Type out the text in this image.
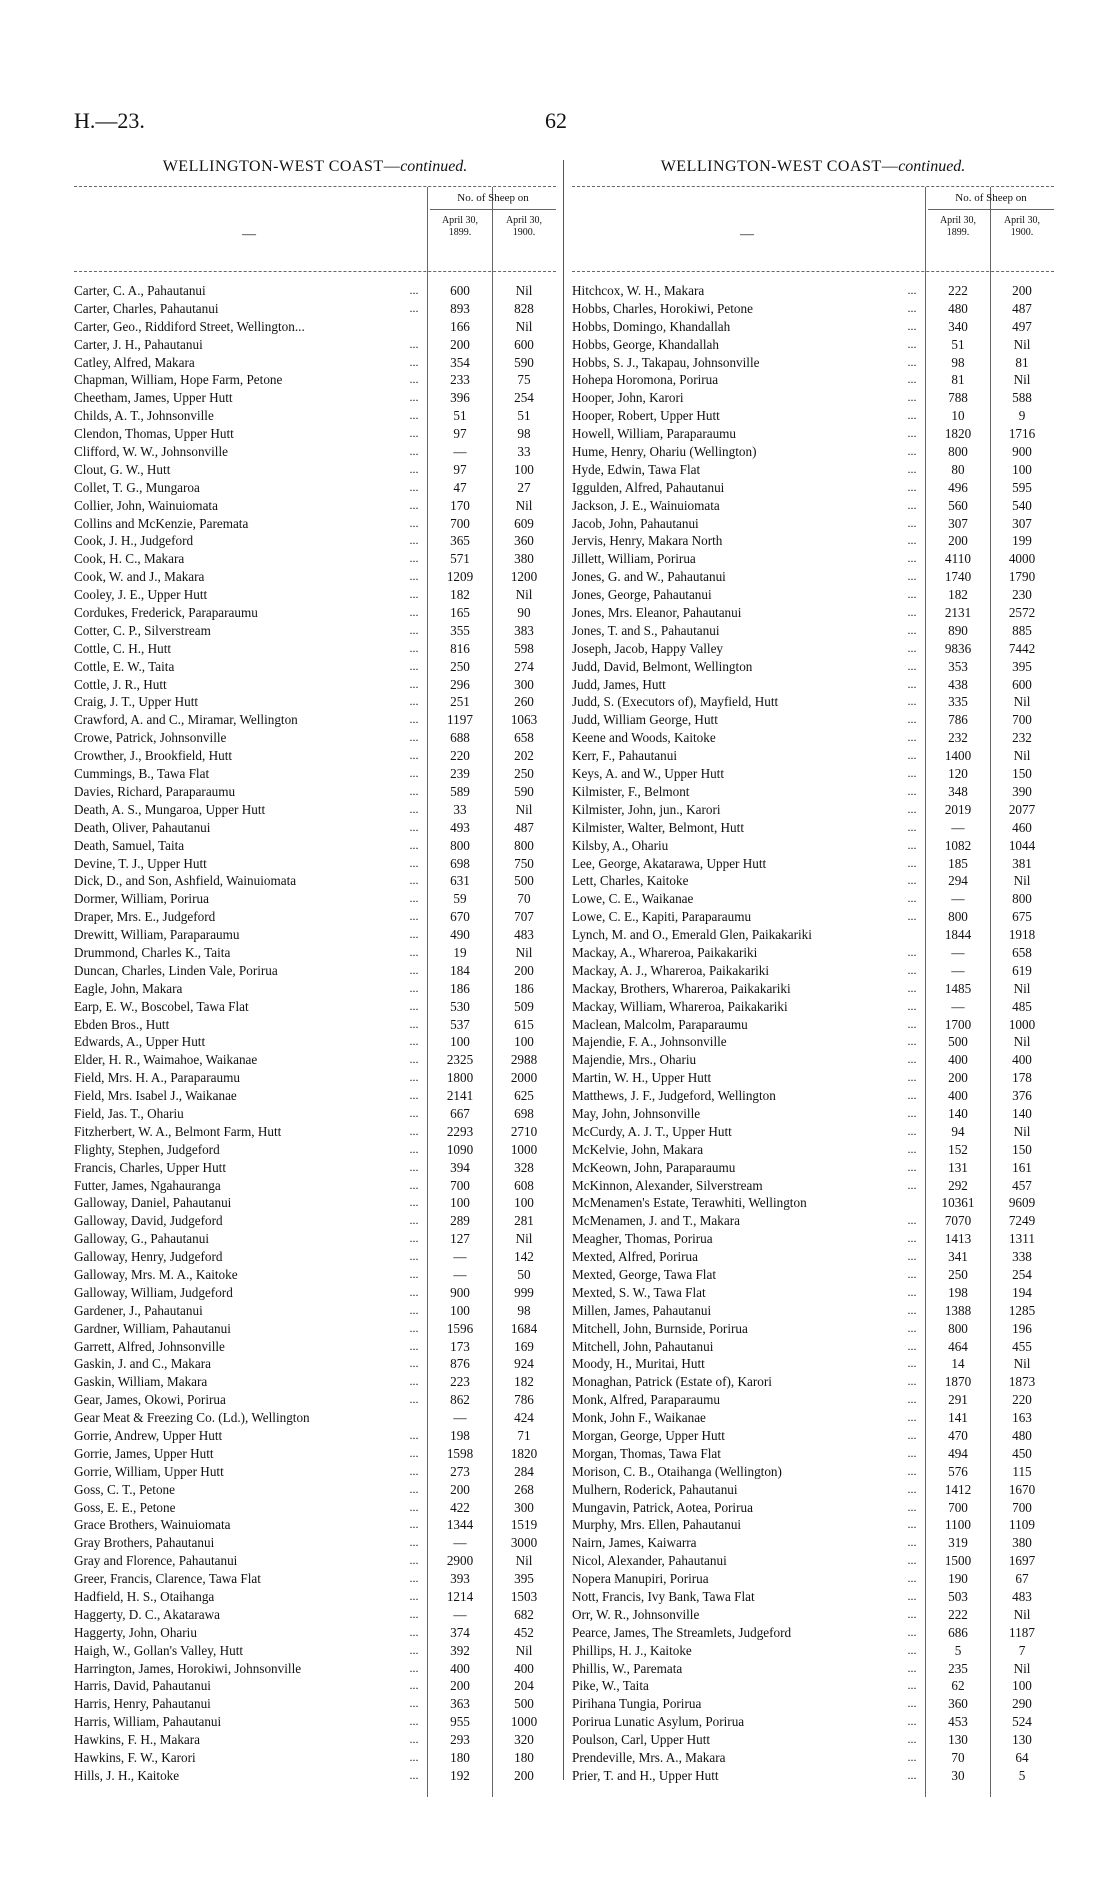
H.—23.	62
WELLINGTON-WEST COAST—continued.
—
No. of Sheep on
April 30, 1899.
April 30, 1900.
Carter, C. A., Pahautanui	...	600	Nil
Carter, Charles, Pahautanui	...	893	828
Carter, Geo., Riddiford Street, Wellington...	166	Nil
Carter, J. H., Pahautanui	...	200	600
Catley, Alfred, Makara	...	354	590
Chapman, William, Hope Farm, Petone	...	233	75
Cheetham, James, Upper Hutt	...	396	254
Childs, A. T., Johnsonville	...	51	51
Clendon, Thomas, Upper Hutt	...	97	98
Clifford, W. W., Johnsonville	...	—	33
Clout, G. W., Hutt	...	97	100
Collet, T. G., Mungaroa	...	47	27
Collier, John, Wainuiomata	...	170	Nil
Collins and McKenzie, Paremata	...	700	609
Cook, J. H., Judgeford	...	365	360
Cook, H. C., Makara	...	571	380
Cook, W. and J., Makara	...	1209	1200
Cooley, J. E., Upper Hutt	...	182	Nil
Cordukes, Frederick, Paraparaumu	...	165	90
Cotter, C. P., Silverstream	...	355	383
Cottle, C. H., Hutt	...	816	598
Cottle, E. W., Taita	...	250	274
Cottle, J. R., Hutt	...	296	300
Craig, J. T., Upper Hutt	...	251	260
Crawford, A. and C., Miramar, Wellington	...	1197	1063
Crowe, Patrick, Johnsonville	...	688	658
Crowther, J., Brookfield, Hutt	...	220	202
Cummings, B., Tawa Flat	...	239	250
Davies, Richard, Paraparaumu	...	589	590
Death, A. S., Mungaroa, Upper Hutt	...	33	Nil
Death, Oliver, Pahautanui	...	493	487
Death, Samuel, Taita	...	800	800
Devine, T. J., Upper Hutt	...	698	750
Dick, D., and Son, Ashfield, Wainuiomata	...	631	500
Dormer, William, Porirua	...	59	70
Draper, Mrs. E., Judgeford	...	670	707
Drewitt, William, Paraparaumu	...	490	483
Drummond, Charles K., Taita	...	19	Nil
Duncan, Charles, Linden Vale, Porirua	...	184	200
Eagle, John, Makara	...	186	186
Earp, E. W., Boscobel, Tawa Flat	...	530	509
Ebden Bros., Hutt	...	537	615
Edwards, A., Upper Hutt	...	100	100
Elder, H. R., Waimahoe, Waikanae	...	2325	2988
Field, Mrs. H. A., Paraparaumu	...	1800	2000
Field, Mrs. Isabel J., Waikanae	...	2141	625
Field, Jas. T., Ohariu	...	667	698
Fitzherbert, W. A., Belmont Farm, Hutt	...	2293	2710
Flighty, Stephen, Judgeford	...	1090	1000
Francis, Charles, Upper Hutt	...	394	328
Futter, James, Ngahauranga	...	700	608
Galloway, Daniel, Pahautanui	...	100	100
Galloway, David, Judgeford	...	289	281
Galloway, G., Pahautanui	...	127	Nil
Galloway, Henry, Judgeford	...	—	142
Galloway, Mrs. M. A., Kaitoke	...	—	50
Galloway, William, Judgeford	...	900	999
Gardener, J., Pahautanui	...	100	98
Gardner, William, Pahautanui	...	1596	1684
Garrett, Alfred, Johnsonville	...	173	169
Gaskin, J. and C., Makara	...	876	924
Gaskin, William, Makara	...	223	182
Gear, James, Okowi, Porirua	...	862	786
Gear Meat & Freezing Co. (Ld.), Wellington	—	424
Gorrie, Andrew, Upper Hutt	...	198	71
Gorrie, James, Upper Hutt	...	1598	1820
Gorrie, William, Upper Hutt	...	273	284
Goss, C. T., Petone	...	200	268
Goss, E. E., Petone	...	422	300
Grace Brothers, Wainuiomata	...	1344	1519
Gray Brothers, Pahautanui	...	—	3000
Gray and Florence, Pahautanui	...	2900	Nil
Greer, Francis, Clarence, Tawa Flat	...	393	395
Hadfield, H. S., Otaihanga	...	1214	1503
Haggerty, D. C., Akatarawa	...	—	682
Haggerty, John, Ohariu	...	374	452
Haigh, W., Gollan's Valley, Hutt	...	392	Nil
Harrington, James, Horokiwi, Johnsonville	...	400	400
Harris, David, Pahautanui	...	200	204
Harris, Henry, Pahautanui	...	363	500
Harris, William, Pahautanui	...	955	1000
Hawkins, F. H., Makara	...	293	320
Hawkins, F. W., Karori	...	180	180
Hills, J. H., Kaitoke	...	192	200
WELLINGTON-WEST COAST—continued.
—
No. of Sheep on
April 30, 1899.
April 30, 1900.
Hitchcox, W. H., Makara	...	222	200
Hobbs, Charles, Horokiwi, Petone	...	480	487
Hobbs, Domingo, Khandallah	...	340	497
Hobbs, George, Khandallah	...	51	Nil
Hobbs, S. J., Takapau, Johnsonville	...	98	81
Hohepa Horomona, Porirua	...	81	Nil
Hooper, John, Karori	...	788	588
Hooper, Robert, Upper Hutt	...	10	9
Howell, William, Paraparaumu	...	1820	1716
Hume, Henry, Ohariu (Wellington)	...	800	900
Hyde, Edwin, Tawa Flat	...	80	100
Iggulden, Alfred, Pahautanui	...	496	595
Jackson, J. E., Wainuiomata	...	560	540
Jacob, John, Pahautanui	...	307	307
Jervis, Henry, Makara North	...	200	199
Jillett, William, Porirua	...	4110	4000
Jones, G. and W., Pahautanui	...	1740	1790
Jones, George, Pahautanui	...	182	230
Jones, Mrs. Eleanor, Pahautanui	...	2131	2572
Jones, T. and S., Pahautanui	...	890	885
Joseph, Jacob, Happy Valley	...	9836	7442
Judd, David, Belmont, Wellington	...	353	395
Judd, James, Hutt	...	438	600
Judd, S. (Executors of), Mayfield, Hutt	...	335	Nil
Judd, William George, Hutt	...	786	700
Keene and Woods, Kaitoke	...	232	232
Kerr, F., Pahautanui	...	1400	Nil
Keys, A. and W., Upper Hutt	...	120	150
Kilmister, F., Belmont	...	348	390
Kilmister, John, jun., Karori	...	2019	2077
Kilmister, Walter, Belmont, Hutt	...	—	460
Kilsby, A., Ohariu	...	1082	1044
Lee, George, Akatarawa, Upper Hutt	...	185	381
Lett, Charles, Kaitoke	...	294	Nil
Lowe, C. E., Waikanae	...	—	800
Lowe, C. E., Kapiti, Paraparaumu	...	800	675
Lynch, M. and O., Emerald Glen, Paikakariki	1844	1918
Mackay, A., Whareroa, Paikakariki	...	—	658
Mackay, A. J., Whareroa, Paikakariki	...	—	619
Mackay, Brothers, Whareroa, Paikakariki	...	1485	Nil
Mackay, William, Whareroa, Paikakariki	...	—	485
Maclean, Malcolm, Paraparaumu	...	1700	1000
Majendie, F. A., Johnsonville	...	500	Nil
Majendie, Mrs., Ohariu	...	400	400
Martin, W. H., Upper Hutt	...	200	178
Matthews, J. F., Judgeford, Wellington	...	400	376
May, John, Johnsonville	...	140	140
McCurdy, A. J. T., Upper Hutt	...	94	Nil
McKelvie, John, Makara	...	152	150
McKeown, John, Paraparaumu	...	131	161
McKinnon, Alexander, Silverstream	...	292	457
McMenamen's Estate, Terawhiti, Wellington	10361	9609
McMenamen, J. and T., Makara	...	7070	7249
Meagher, Thomas, Porirua	...	1413	1311
Mexted, Alfred, Porirua	...	341	338
Mexted, George, Tawa Flat	...	250	254
Mexted, S. W., Tawa Flat	...	198	194
Millen, James, Pahautanui	...	1388	1285
Mitchell, John, Burnside, Porirua	...	800	196
Mitchell, John, Pahautanui	...	464	455
Moody, H., Muritai, Hutt	...	14	Nil
Monaghan, Patrick (Estate of), Karori	...	1870	1873
Monk, Alfred, Paraparaumu	...	291	220
Monk, John F., Waikanae	...	141	163
Morgan, George, Upper Hutt	...	470	480
Morgan, Thomas, Tawa Flat	...	494	450
Morison, C. B., Otaihanga (Wellington)	...	576	115
Mulhern, Roderick, Pahautanui	...	1412	1670
Mungavin, Patrick, Aotea, Porirua	...	700	700
Murphy, Mrs. Ellen, Pahautanui	...	1100	1109
Nairn, James, Kaiwarra	...	319	380
Nicol, Alexander, Pahautanui	...	1500	1697
Nopera Manupiri, Porirua	...	190	67
Nott, Francis, Ivy Bank, Tawa Flat	...	503	483
Orr, W. R., Johnsonville	...	222	Nil
Pearce, James, The Streamlets, Judgeford	...	686	1187
Phillips, H. J., Kaitoke	...	5	7
Phillis, W., Paremata	...	235	Nil
Pike, W., Taita	...	62	100
Pirihana Tungia, Porirua	...	360	290
Porirua Lunatic Asylum, Porirua	...	453	524
Poulson, Carl, Upper Hutt	...	130	130
Prendeville, Mrs. A., Makara	...	70	64
Prier, T. and H., Upper Hutt	...	30	5
